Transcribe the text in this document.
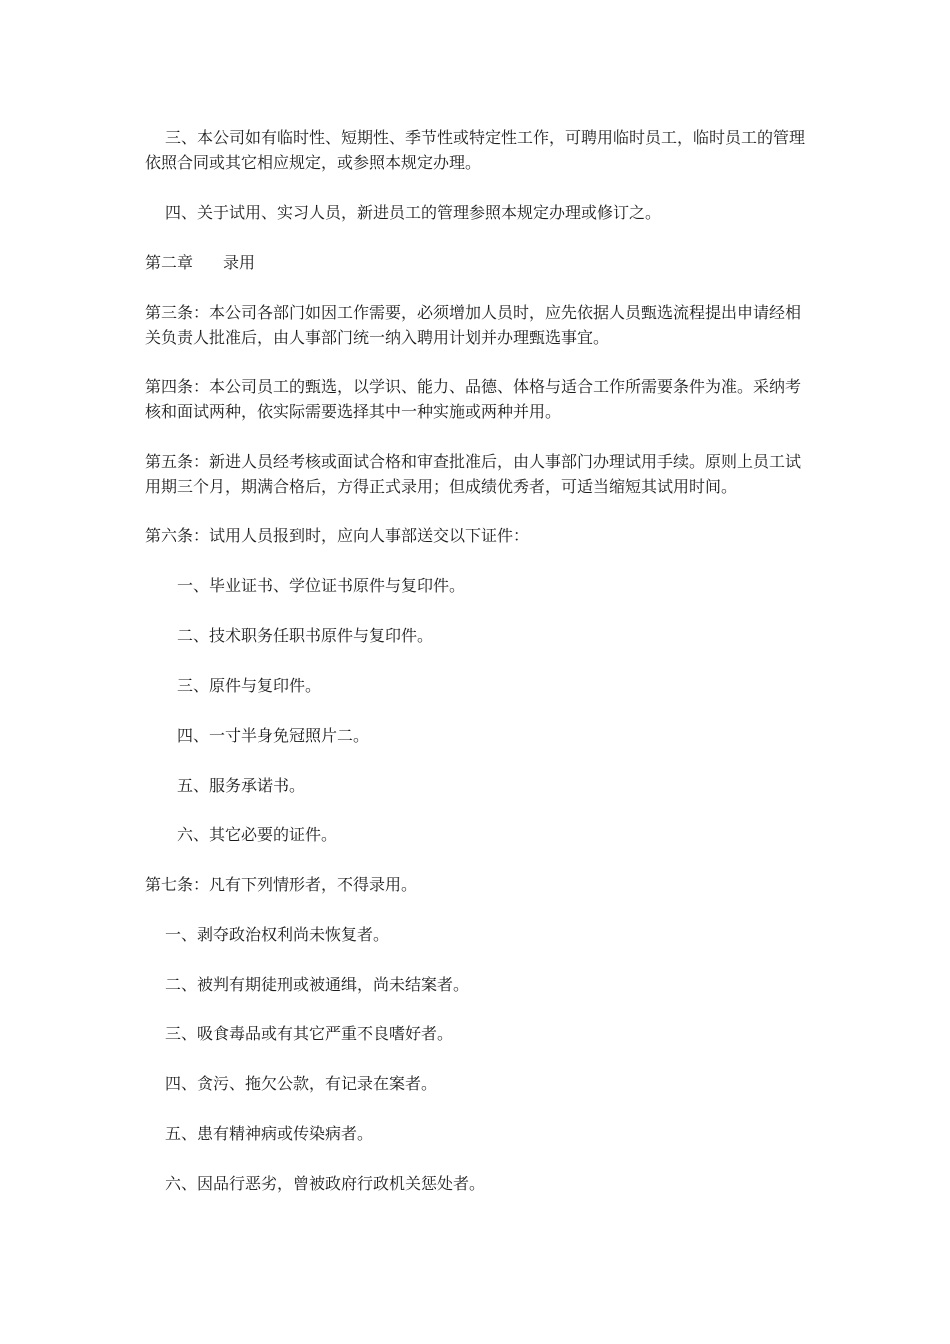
三、本公司如有临时性、短期性、季节性或特定性工作，可聘用临时员工，临时员工的管理依照合同或其它相应规定，或参照本规定办理。

四、关于试用、实习人员，新进员工的管理参照本规定办理或修订之。

第二章 录用

第三条：本公司各部门如因工作需要，必须增加人员时，应先依据人员甄选流程提出申请经相关负责人批准后，由人事部门统一纳入聘用计划并办理甄选事宜。

第四条：本公司员工的甄选，以学识、能力、品德、体格与适合工作所需要条件为准。采纳考核和面试两种，依实际需要选择其中一种实施或两种并用。

第五条：新进人员经考核或面试合格和审查批准后，由人事部门办理试用手续。原则上员工试用期三个月，期满合格后，方得正式录用；但成绩优秀者，可适当缩短其试用时间。

第六条：试用人员报到时，应向人事部送交以下证件：

一、毕业证书、学位证书原件与复印件。

二、技术职务任职书原件与复印件。

三、原件与复印件。

四、一寸半身免冠照片二。

五、服务承诺书。

六、其它必要的证件。

第七条：凡有下列情形者，不得录用。

一、剥夺政治权利尚未恢复者。

二、被判有期徒刑或被通缉，尚未结案者。

三、吸食毒品或有其它严重不良嗜好者。

四、贪污、拖欠公款，有记录在案者。

五、患有精神病或传染病者。

六、因品行恶劣，曾被政府行政机关惩处者。
